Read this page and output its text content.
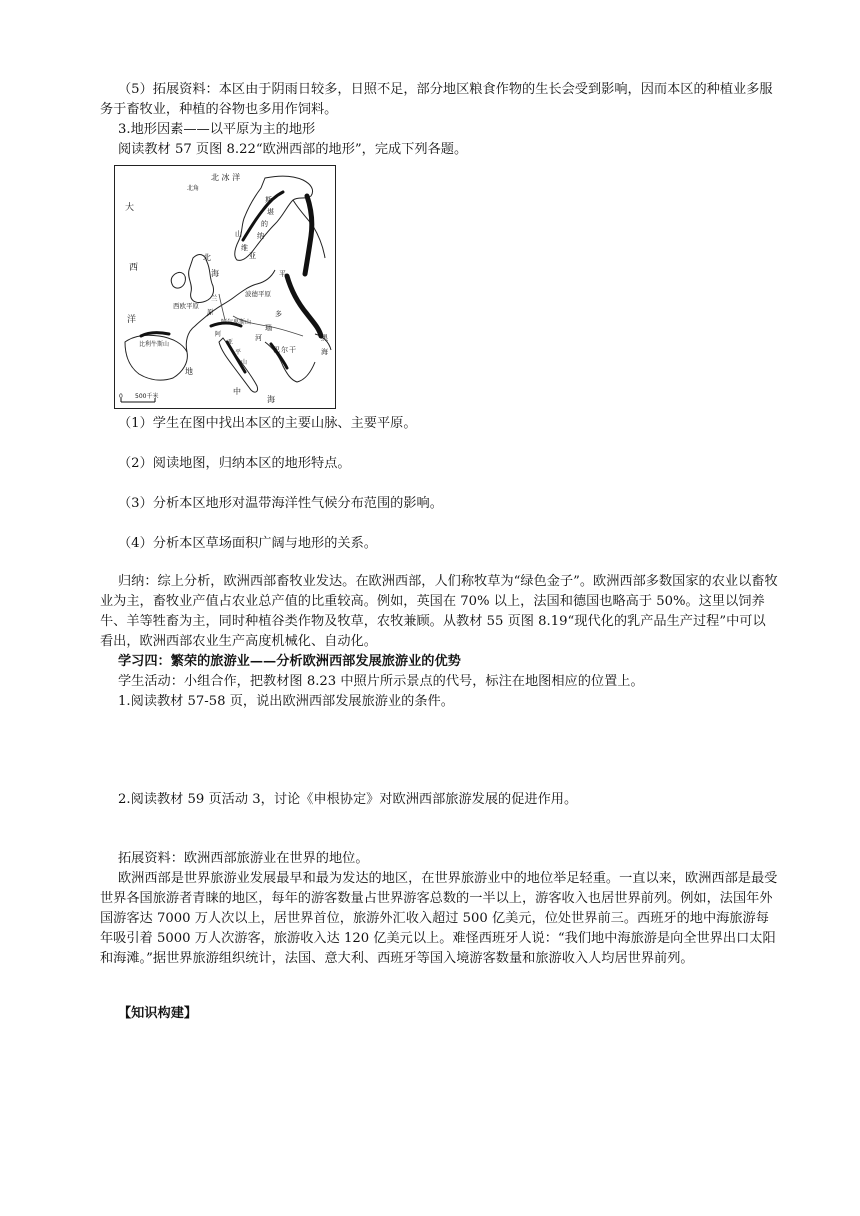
（5）拓展资料：本区由于阴雨日较多，日照不足，部分地区粮食作物的生长会受到影响，因而本区的种植业多服务于畜牧业，种植的谷物也多用作饲料。

3.地形因素——以平原为主的地形

阅读教材 57 页图 8.22“欧洲西部的地形”，完成下列各题。

北 冰 洋
北角
大
西
洋
北
海
斯
堪
的
纳
维
亚
山
波德平原
西欧平原
兰
原
阿尔卑斯山
比利牛斯山
多
瑙
河
地
中
海
平
巴 尔 干
黑
海
0 500千米
阿
亚
平
山

（1）学生在图中找出本区的主要山脉、主要平原。

（2）阅读地图，归纳本区的地形特点。

（3）分析本区地形对温带海洋性气候分布范围的影响。

（4）分析本区草场面积广阔与地形的关系。

归纳：综上分析，欧洲西部畜牧业发达。在欧洲西部，人们称牧草为“绿色金子”。欧洲西部多数国家的农业以畜牧业为主，畜牧业产值占农业总产值的比重较高。例如，英国在 70% 以上，法国和德国也略高于 50%。这里以饲养牛、羊等牲畜为主，同时种植谷类作物及牧草，农牧兼顾。从教材 55 页图 8.19“现代化的乳产品生产过程”中可以看出，欧洲西部农业生产高度机械化、自动化。

学习四：繁荣的旅游业——分析欧洲西部发展旅游业的优势

学生活动：小组合作，把教材图 8.23 中照片所示景点的代号，标注在地图相应的位置上。

1.阅读教材 57-58 页，说出欧洲西部发展旅游业的条件。

2.阅读教材 59 页活动 3，讨论《申根协定》对欧洲西部旅游发展的促进作用。

拓展资料：欧洲西部旅游业在世界的地位。

欧洲西部是世界旅游业发展最早和最为发达的地区，在世界旅游业中的地位举足轻重。一直以来，欧洲西部是最受世界各国旅游者青睐的地区，每年的游客数量占世界游客总数的一半以上，游客收入也居世界前列。例如，法国年外国游客达 7000 万人次以上，居世界首位，旅游外汇收入超过 500 亿美元，位处世界前三。西班牙的地中海旅游每年吸引着 5000 万人次游客，旅游收入达 120 亿美元以上。难怪西班牙人说：“我们地中海旅游是向全世界出口太阳和海滩。”据世界旅游组织统计，法国、意大利、西班牙等国入境游客数量和旅游收入人均居世界前列。

【知识构建】
